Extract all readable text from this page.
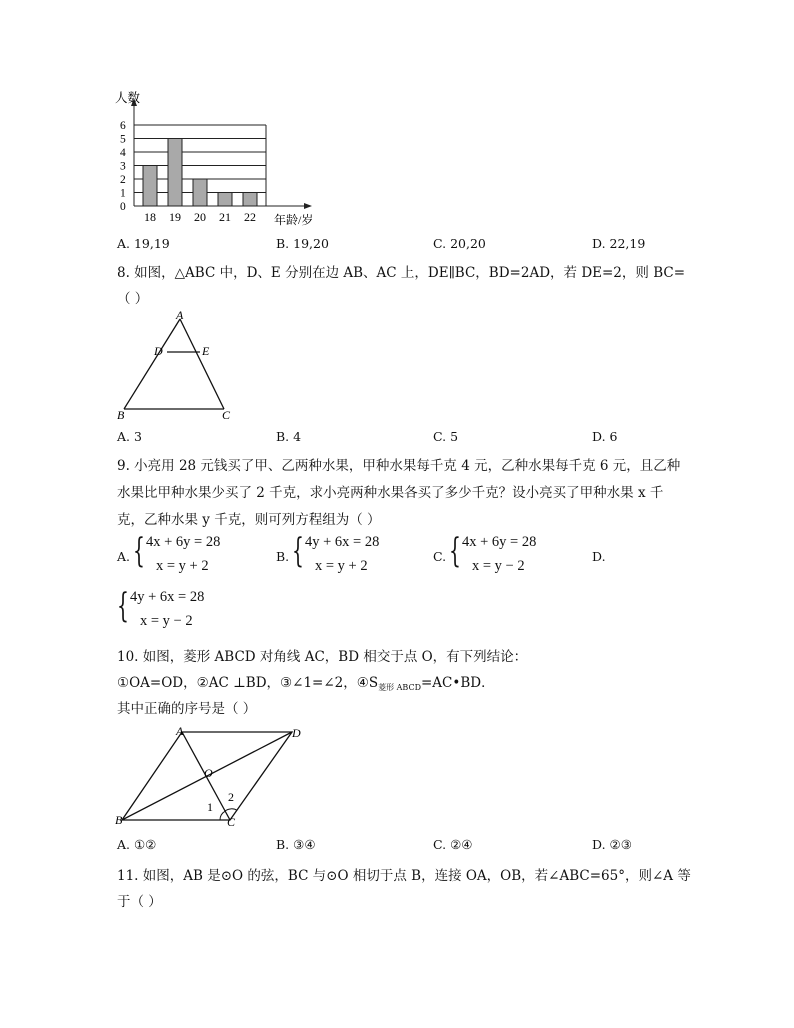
18 19 20 21 22
0
1
2
3
4
5
6
人数
年龄/岁
A. 19,19	B. 19,20	C. 20,20	D. 22,19
8. 如图，△ABC 中，D、E 分别在边 AB、AC 上，DE∥BC，BD=2AD，若 DE=2，则 BC=
（ ）
A
D	E
B	C
A. 3	B. 4	C. 5	D. 6
9. 小亮用 28 元钱买了甲、乙两种水果，甲种水果每千克 4 元，乙种水果每千克 6 元，且乙种
水果比甲种水果少买了 2 千克，求小亮两种水果各买了多少千克？设小亮买了甲种水果 x 千
克，乙种水果 y 千克，则可列方程组为（ ）
A. { 4x + 6y = 28
x = y + 2
B. { 4y + 6x = 28
x = y + 2
C. { 4x + 6y = 28
x = y − 2
D.
{ 4y + 6x = 28
x = y − 2
10. 如图，菱形 ABCD 对角线 AC，BD 相交于点 O，有下列结论：
①OA=OD，②AC ⊥BD，③∠1=∠2，$④S_{菱形 ABCD}=AC•BD$．
其中正确的序号是（ ）
A	D
O
B	C
1
2
A. ①②	B. ③④	C. ②④	D. ②③
11. 如图，AB 是⊙O 的弦，BC 与⊙O 相切于点 B，连接 OA，OB，若∠ABC=65°，则∠A 等
于（ ）
